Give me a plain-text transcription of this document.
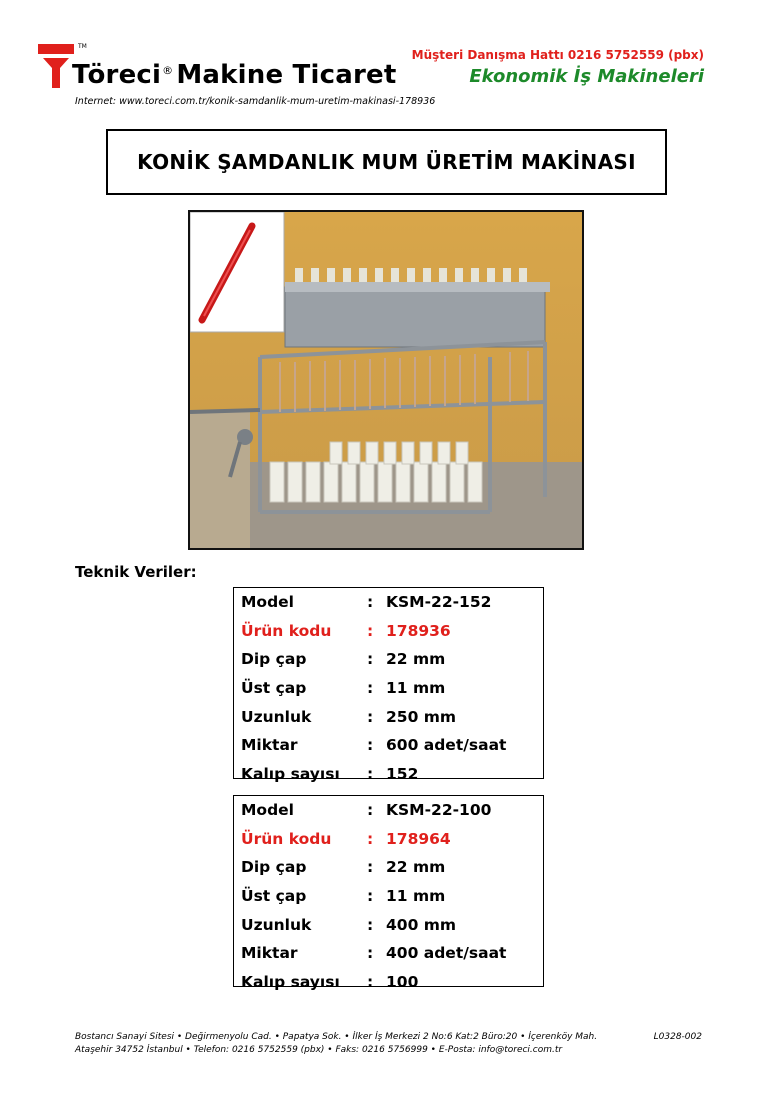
TM
Töreci® Makine Ticaret
Internet: www.toreci.com.tr/konik-samdanlik-mum-uretim-makinasi-178936
Müşteri Danışma Hattı 0216 5752559 (pbx)
Ekonomik İş Makineleri
KONİK ŞAMDANLIK MUM ÜRETİM MAKİNASI
Teknik Veriler:
Model	: KSM-22-152
Ürün kodu	: 178936
Dip çap	: 22 mm
Üst çap	: 11 mm
Uzunluk	: 250 mm
Miktar	: 600 adet/saat
Kalıp sayısı	: 152
Model	: KSM-22-100
Ürün kodu	: 178964
Dip çap	: 22 mm
Üst çap	: 11 mm
Uzunluk	: 400 mm
Miktar	: 400 adet/saat
Kalıp sayısı	: 100
Bostancı Sanayi Sitesi • Değirmenyolu Cad. • Papatya Sok. • İlker İş Merkezi 2 No:6 Kat:2 Büro:20 • İçerenköy Mah.
Ataşehir 34752 İstanbul • Telefon: 0216 5752559 (pbx) • Faks: 0216 5756999 • E-Posta: info@toreci.com.tr
L0328-002
